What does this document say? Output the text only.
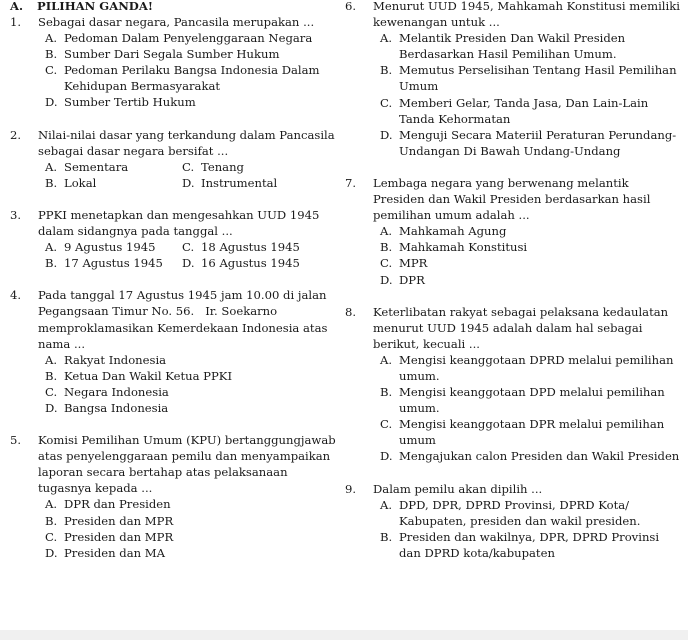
A.	PILIHAN GANDA!
1.	Sebagai dasar negara, Pancasila merupakan ...
A. Pedoman Dalam Penyelenggaraan Negara
B. Sumber Dari Segala Sumber Hukum
C. Pedoman Perilaku Bangsa Indonesia Dalam Kehidupan Bermasyarakat
D. Sumber Tertib Hukum
2.	Nilai-nilai dasar yang terkandung dalam Pancasila sebagai dasar negara bersifat ...
A. Sementara	C. Tenang
B. Lokal	D. Instrumental
3.	PPKI menetapkan dan mengesahkan UUD 1945 dalam sidangnya pada tanggal ...
A. 9 Agustus 1945 C. 18 Agustus 1945
B. 17 Agustus 1945 D. 16 Agustus 1945
4.	Pada tanggal 17 Agustus 1945 jam 10.00 di jalan Pegangsaan Timur No. 56.   Ir. Soekarno memproklamasikan Kemerdekaan Indonesia atas nama ...
A. Rakyat Indonesia
B. Ketua Dan Wakil Ketua PPKI
C. Negara Indonesia
D. Bangsa Indonesia
5.	Komisi Pemilihan Umum (KPU) bertanggungjawab atas penyelenggaraan pemilu dan menyampaikan laporan secara bertahap atas pelaksanaan tugasnya kepada ...
A. DPR dan Presiden
B. Presiden dan MPR
C. Presiden dan MPR
D. Presiden dan MA
6.	Menurut UUD 1945, Mahkamah Konstitusi memiliki kewenangan untuk ...
A. Melantik Presiden Dan Wakil Presiden Berdasarkan Hasil Pemilihan Umum.
B. Memutus Perselisihan Tentang Hasil Pemilihan Umum
C. Memberi Gelar, Tanda Jasa, Dan Lain-Lain Tanda Kehormatan
D. Menguji Secara Materiil Peraturan Perundang-Undangan Di Bawah Undang-Undang
7.	Lembaga negara yang berwenang melantik Presiden dan Wakil Presiden berdasarkan hasil pemilihan umum adalah ...
A. Mahkamah Agung
B. Mahkamah Konstitusi
C. MPR
D. DPR
8.	Keterlibatan rakyat sebagai pelaksana kedaulatan menurut UUD 1945 adalah dalam hal sebagai berikut, kecuali ...
A. Mengisi keanggotaan DPRD melalui pemilihan umum.
B. Mengisi keanggotaan DPD melalui pemilihan umum.
C. Mengisi keanggotaan DPR melalui pemilihan umum
D. Mengajukan calon Presiden dan Wakil Presiden
9.	Dalam pemilu akan dipilih ...
A. DPD, DPR, DPRD Provinsi, DPRD Kota/ Kabupaten, presiden dan wakil presiden.
B. Presiden dan wakilnya, DPR, DPRD Provinsi dan DPRD kota/kabupaten
